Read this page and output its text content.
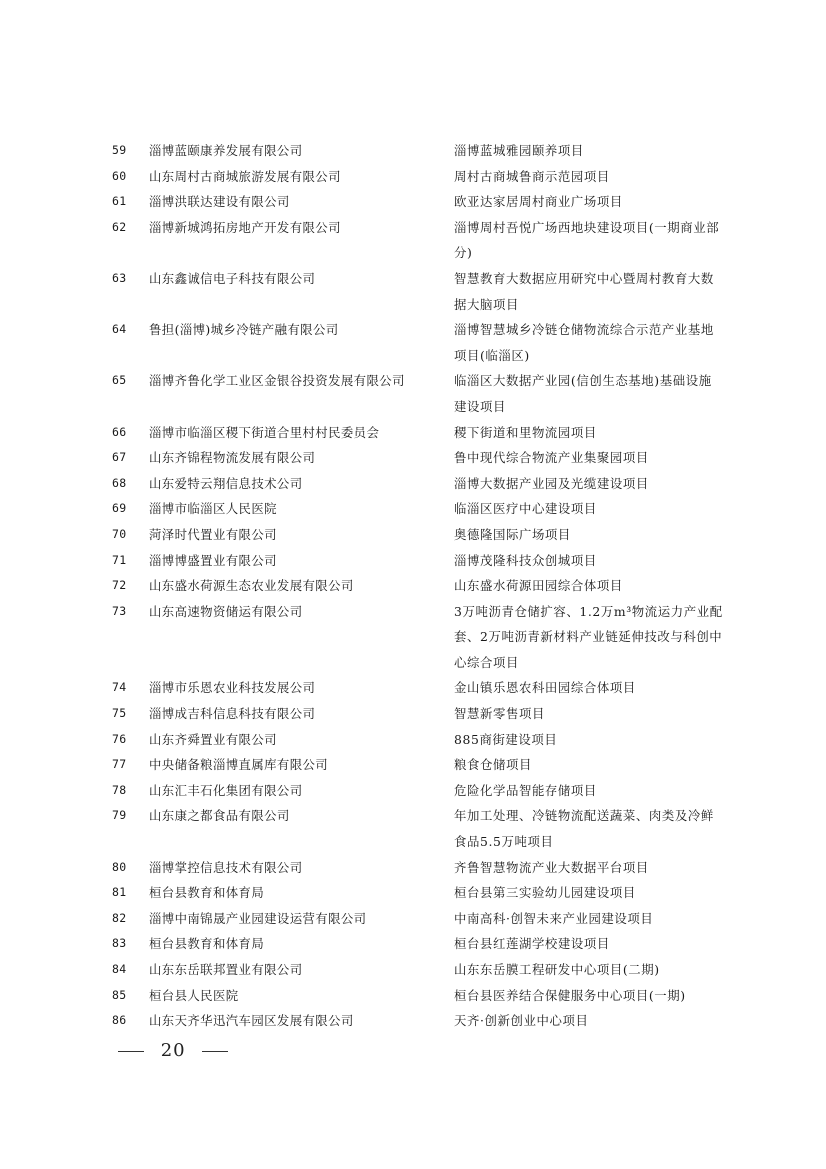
59	淄博蓝颐康养发展有限公司	淄博蓝城雅园颐养项目
60	山东周村古商城旅游发展有限公司	周村古商城鲁商示范园项目
61	淄博洪联达建设有限公司	欧亚达家居周村商业广场项目
62	淄博新城鸿拓房地产开发有限公司	淄博周村吾悦广场西地块建设项目(一期商业部分)
63	山东鑫诚信电子科技有限公司	智慧教育大数据应用研究中心暨周村教育大数据大脑项目
64	鲁担(淄博)城乡冷链产融有限公司	淄博智慧城乡冷链仓储物流综合示范产业基地项目(临淄区)
65	淄博齐鲁化学工业区金银谷投资发展有限公司	临淄区大数据产业园(信创生态基地)基础设施建设项目
66	淄博市临淄区稷下街道合里村村民委员会	稷下街道和里物流园项目
67	山东齐锦程物流发展有限公司	鲁中现代综合物流产业集聚园项目
68	山东爱特云翔信息技术公司	淄博大数据产业园及光缆建设项目
69	淄博市临淄区人民医院	临淄区医疗中心建设项目
70	菏泽时代置业有限公司	奥德隆国际广场项目
71	淄博博盛置业有限公司	淄博茂隆科技众创城项目
72	山东盛水荷源生态农业发展有限公司	山东盛水荷源田园综合体项目
73	山东高速物资储运有限公司	3万吨沥青仓储扩容、1.2万m³物流运力产业配套、2万吨沥青新材料产业链延伸技改与科创中心综合项目
74	淄博市乐恩农业科技发展公司	金山镇乐恩农科田园综合体项目
75	淄博成吉科信息科技有限公司	智慧新零售项目
76	山东齐舜置业有限公司	885商街建设项目
77	中央储备粮淄博直属库有限公司	粮食仓储项目
78	山东汇丰石化集团有限公司	危险化学品智能存储项目
79	山东康之都食品有限公司	年加工处理、冷链物流配送蔬菜、肉类及冷鲜食品5.5万吨项目
80	淄博掌控信息技术有限公司	齐鲁智慧物流产业大数据平台项目
81	桓台县教育和体育局	桓台县第三实验幼儿园建设项目
82	淄博中南锦晟产业园建设运营有限公司	中南高科·创智未来产业园建设项目
83	桓台县教育和体育局	桓台县红莲湖学校建设项目
84	山东东岳联邦置业有限公司	山东东岳膜工程研发中心项目(二期)
85	桓台县人民医院	桓台县医养结合保健服务中心项目(一期)
86	山东天齐华迅汽车园区发展有限公司	天齐·创新创业中心项目
20
